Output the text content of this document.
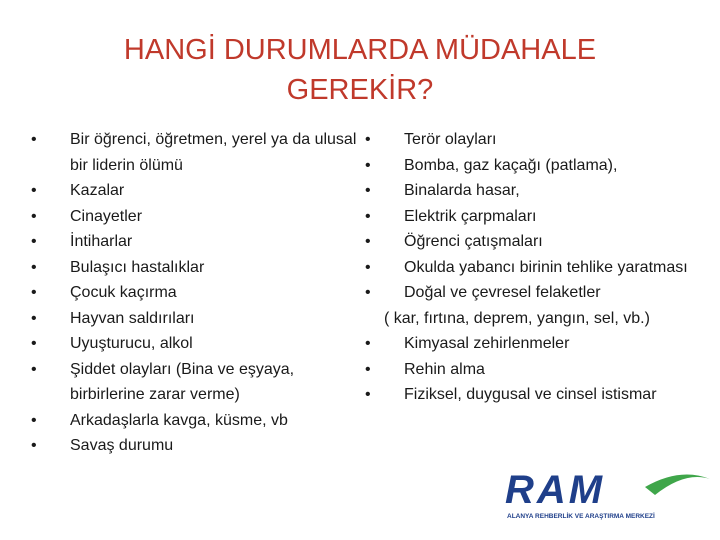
HANGİ DURUMLARDA MÜDAHALE
GEREKİR?
• Bir öğrenci, öğretmen, yerel ya da ulusal bir liderin ölümü
• Kazalar
• Cinayetler
• İntiharlar
• Bulaşıcı hastalıklar
• Çocuk kaçırma
• Hayvan saldırıları
• Uyuşturucu, alkol
• Şiddet olayları (Bina ve eşyaya, birbirlerine zarar verme)
• Arkadaşlarla kavga, küsme, vb
• Savaş durumu
• Terör olayları
• Bomba, gaz kaçağı (patlama),
• Binalarda hasar,
• Elektrik çarpmaları
• Öğrenci çatışmaları
• Okulda yabancı birinin tehlike yaratması
• Doğal ve çevresel felaketler
( kar, fırtına, deprem, yangın, sel, vb.)
• Kimyasal zehirlenmeler
• Rehin alma
• Fiziksel, duygusal ve cinsel istismar
RAM
ALANYA REHBERLİK VE ARAŞTIRMA MERKEZİ
